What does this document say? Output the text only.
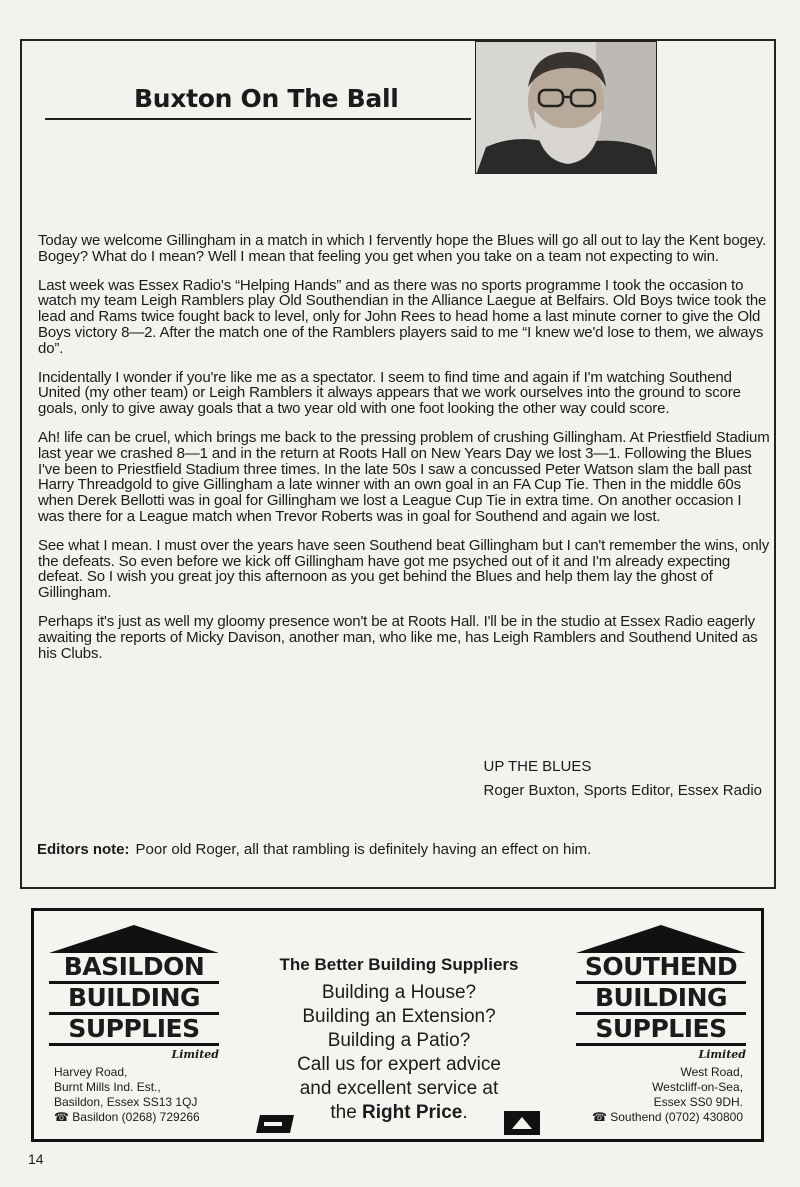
Buxton On The Ball

Today we welcome Gillingham in a match in which I fervently hope the Blues will go all out to lay the Kent bogey. Bogey? What do I mean? Well I mean that feeling you get when you take on a team not expecting to win.

Last week was Essex Radio's “Helping Hands” and as there was no sports programme I took the occasion to watch my team Leigh Ramblers play Old Southendian in the Alliance Laegue at Belfairs. Old Boys twice took the lead and Rams twice fought back to level, only for John Rees to head home a last minute corner to give the Old Boys victory 8—2. After the match one of the Ramblers players said to me “I knew we'd lose to them, we always do”.

Incidentally I wonder if you're like me as a spectator. I seem to find time and again if I'm watching Southend United (my other team) or Leigh Ramblers it always appears that we work ourselves into the ground to score goals, only to give away goals that a two year old with one foot looking the other way could score.

Ah! life can be cruel, which brings me back to the pressing problem of crushing Gillingham. At Priestfield Stadium last year we crashed 8—1 and in the return at Roots Hall on New Years Day we lost 3—1. Following the Blues I've been to Priestfield Stadium three times. In the late 50s I saw a concussed Peter Watson slam the ball past Harry Threadgold to give Gillingham a late winner with an own goal in an FA Cup Tie. Then in the middle 60s when Derek Bellotti was in goal for Gillingham we lost a League Cup Tie in extra time. On another occasion I was there for a League match when Trevor Roberts was in goal for Southend and again we lost.

See what I mean. I must over the years have seen Southend beat Gillingham but I can't remember the wins, only the defeats. So even before we kick off Gillingham have got me psyched out of it and I'm already expecting defeat. So I wish you great joy this afternoon as you get behind the Blues and help them lay the ghost of Gillingham.

Perhaps it's just as well my gloomy presence won't be at Roots Hall. I'll be in the studio at Essex Radio eagerly awaiting the reports of Micky Davison, another man, who like me, has Leigh Ramblers and Southend United as his Clubs.

UP THE BLUES
Roger Buxton, Sports Editor, Essex Radio
Editors note: Poor old Roger, all that rambling is definitely having an effect on him.
BASILDON
BUILDING
SUPPLIES
Limited
SOUTHEND
BUILDING
SUPPLIES
Limited
The Better Building Suppliers
Building a House?
Building an Extension?
Building a Patio?
Call us for expert advice
and excellent service at
the Right Price.
Harvey Road,
Burnt Mills Ind. Est.,
Basildon, Essex SS13 1QJ
☎ Basildon (0268) 729266
West Road,
Westcliff-on-Sea,
Essex SS0 9DH.
☎ Southend (0702) 430800
14
